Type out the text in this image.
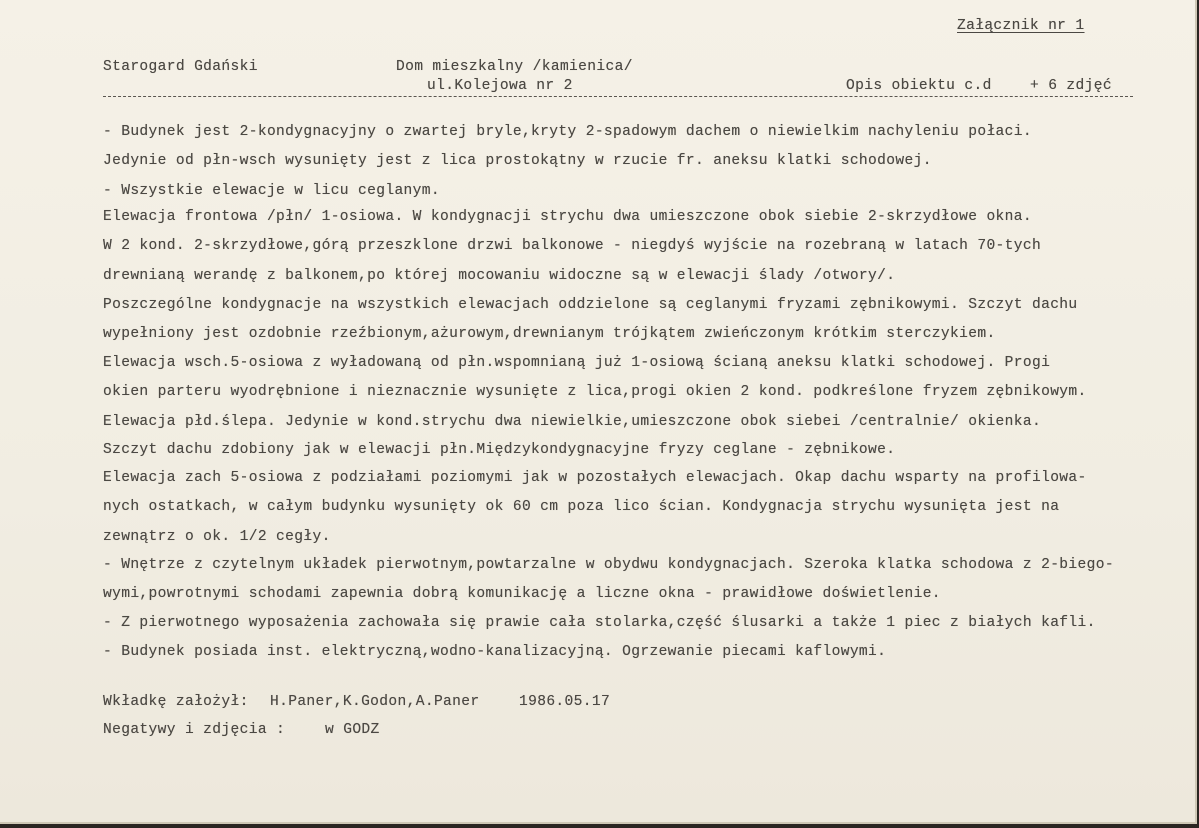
Załącznik nr 1
Starogard Gdański	Dom mieszkalny /kamienica/
ul.Kolejowa nr 2	Opis obiektu c.d	+ 6 zdjęć
- Budynek jest 2-kondygnacyjny o zwartej bryle,kryty 2-spadowym dachem o niewielkim nachyleniu połaci.
Jedynie od płn-wsch wysunięty jest z lica prostokątny w rzucie fr. aneksu klatki schodowej.
- Wszystkie elewacje w licu ceglanym.
Elewacja frontowa /płn/ 1-osiowa. W kondygnacji strychu dwa umieszczone obok siebie 2-skrzydłowe okna.
W 2 kond. 2-skrzydłowe,górą przeszklone drzwi balkonowe - niegdyś wyjście na rozebraną w latach 70-tych
drewnianą werandę z balkonem,po której mocowaniu widoczne są w elewacji ślady /otwory/.
Poszczególne kondygnacje na wszystkich elewacjach oddzielone są ceglanymi fryzami zębnikowymi. Szczyt dachu
wypełniony jest ozdobnie rzeźbionym,ażurowym,drewnianym trójkątem zwieńczonym krótkim sterczykiem.
Elewacja wsch.5-osiowa z wyładowaną od płn.wspomnianą już 1-osiową ścianą aneksu klatki schodowej. Progi
okien parteru wyodrębnione i nieznacznie wysunięte z lica,progi okien 2 kond. podkreślone fryzem zębnikowym.
Elewacja płd.ślepa. Jedynie w kond.strychu dwa niewielkie,umieszczone obok siebei /centralnie/ okienka.
Szczyt dachu zdobiony jak w elewacji płn.Międzykondygnacyjne fryzy ceglane - zębnikowe.
Elewacja zach 5-osiowa z podziałami poziomymi jak w pozostałych elewacjach. Okap dachu wsparty na profilowa-
nych ostatkach, w całym budynku wysunięty ok 60 cm poza lico ścian. Kondygnacja strychu wysunięta jest na
zewnątrz o ok. 1/2 cegły.
- Wnętrze z czytelnym układek pierwotnym,powtarzalne w obydwu kondygnacjach. Szeroka klatka schodowa z 2-biego-
wymi,powrotnymi schodami zapewnia dobrą komunikację a liczne okna - prawidłowe doświetlenie.
- Z pierwotnego wyposażenia zachowała się prawie cała stolarka,część ślusarki a także 1 piec z białych kafli.
- Budynek posiada inst. elektryczną,wodno-kanalizacyjną. Ogrzewanie piecami kaflowymi.
Wkładkę założył: H.Paner,K.Godon,A.Paner	1986.05.17
Negatywy i zdjęcia :	w GODZ
